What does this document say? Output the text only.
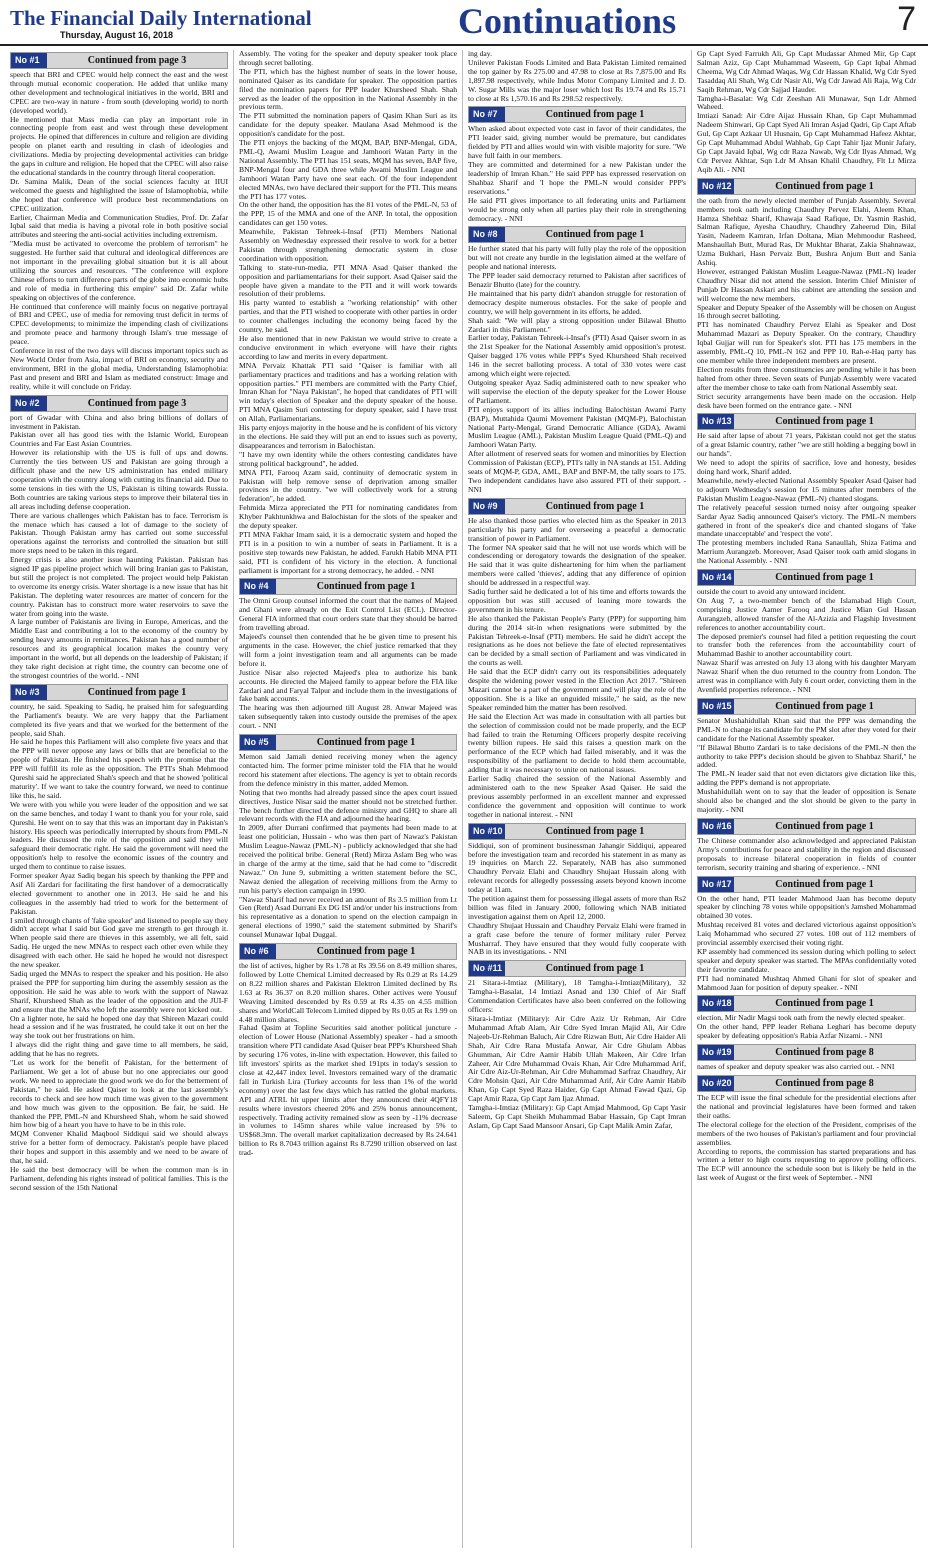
The Financial Daily International
Thursday, August 16, 2018	Continuations	7
No #1	Continued from page 3

speech that BRI and CPEC would help connect the east and the west through mutual economic cooperation. He added that unlike many other development and technological initiatives in the world, BRI and CPEC are two-way in nature - from south (developing world) to north (developed world).
He mentioned that Mass media can play an important role in connecting people from east and west through these development projects. He opined that differences in culture and religion are dividing people on planet earth and resulting in clash of ideologies and civilizations. Media by projecting developmental activities can bridge the gaps in culture and religion. He hoped that the CPEC will also raise the educational standards in the country through literal cooperation.
Dr. Samina Malik, Dean of the social sciences faculty at IIUI welcomed the guests and highlighted the issue of Islamophobia, while she hoped that conference will produce best recommendations on CPEC utilization.
Earlier, Chairman Media and Communication Studies, Prof. Dr. Zafar Iqbal said that media is having a pivotal role in both positive social attributes and steering the anti-social activities including extremism.
"Media must be activated to overcome the problem of terrorism" he suggested. He further said that cultural and ideological differences are not important in the prevailing global situation but it is all about utilizing the sources and resources. "The conference will explore Chinese efforts to turn difference parts of the globe into economic hubs and role of media in furthering this empire" said Dr. Zafar while speaking on objectives of the conference.
He continued that conference will mainly focus on negative portrayal of BRI and CPEC, use of media for removing trust deficit in terms of CPEC developments; to minimize the impending clash of civilizations and promote peace and harmony through Islam's true message of peace.
Conference in rest of the two days will discuss important topics such as New World Order from Asia, impact of BRI on economy, security and environment, BRI in the global media, Understanding Islamophobia: Past and present and BRI and Islam as mediated construct: Image and reality, while it will conclude on Friday.

No #2	Continued from page 3

port of Gwadar with China and also bring billions of dollars of investment in Pakistan.
Pakistan over all has good ties with the Islamic World, European Countries and Far East Asian Countries.
However its relationship with the US is full of ups and downs. Currently the ties between US and Pakistan are going through a difficult phase and the new US administration has ended military cooperation with the country along with cutting its financial aid. Due to some tensions in ties with the US, Pakistan is tilting towards Russia. Both countries are taking various steps to improve their bilateral ties in all areas including defense cooperation.
There are various challenges which Pakistan has to face. Terrorism is the menace which has caused a lot of damage to the society of Pakistan. Though Pakistan army has carried out some successful operations against the terrorists and controlled the situation but still more steps need to be taken in this regard.
Energy crisis is also another issue haunting Pakistan. Pakistan has signed IP gas pipeline project which will bring Iranian gas to Pakistan, but still the project is not completed. The project would help Pakistan to overcome its energy crisis. Water shortage is a new issue that has hit Pakistan. The depleting water resources are matter of concern for the country. Pakistan has to construct more water reservoirs to save the water from going into the waste.
A large number of Pakistanis are living in Europe, Americas, and the Middle East and contributing a lot to the economy of the country by sending heavy amounts in remittances. Pakistan has a good number of resources and its geographical location makes the country very important in the world, but all depends on the leadership of Pakistan; if they take right decision at right time, the country can become one of the strongest countries of the world. - NNI

No #3	Continued from page 1

country, he said. Speaking to Sadiq, he praised him for safeguarding the Parliament's beauty. We are very happy that the Parliament completed its five years and that we worked for the betterment of the people, said Shah.
He said he hopes this Parliament will also complete five years and that the PPP will never oppose any laws or bills that are beneficial to the people of Pakistan. He finished his speech with the promise that the PPP will fulfill its role as the opposition. The PTI's Shah Mehmood Qureshi said he appreciated Shah's speech and that he showed 'political maturity'. If we want to take the country forward, we need to continue like this, he said.
We were with you while you were leader of the opposition and we sat on the same benches, and today I want to thank you for your role, said Qureshi. He went on to say that this was an important day in Pakistan's history. His speech was periodically interrupted by shouts from PML-N leaders. He discussed the role of the opposition and said they will safeguard their democratic right. He said the government will need the opposition's help to resolve the economic issues of the country and urged them to continue to raise issues.
Former speaker Ayaz Sadiq began his speech by thanking the PPP and Asif Ali Zardari for facilitating the first handover of a democratically elected government to another one in 2013. He said he and his colleagues in the assembly had tried to work for the betterment of Pakistan.
I smiled through chants of 'fake speaker' and listened to people say they didn't accept what I said but God gave me strength to get through it. When people said there are thieves in this assembly, we all felt, said Sadiq. He urged the new MNAs to respect each other even while they disagreed with each other. He said he hoped he would not disrespect the new speaker.
Sadiq urged the MNAs to respect the speaker and his position. He also praised the PPP for supporting him during the assembly session as the opposition. He said he was able to work with the support of Nawaz Sharif, Khursheed Shah as the leader of the opposition and the JUI-F and ensure that the MNAs who left the assembly were not kicked out.
On a lighter note, he said he hoped one day that Shireen Mazari could head a session and if he was frustrated, he could take it out on her the way she took out her frustrations on him.
I always did the right thing and gave time to all members, he said, adding that he has no regrets.
"Let us work for the benefit of Pakistan, for the betterment of Parliament. We get a lot of abuse but no one appreciates our good work. We need to appreciate the good work we do for the betterment of Pakistan," he said. He asked Qaiser to look at the last assembly's records to check and see how much time was given to the government and how much was given to the opposition. Be fair, he said. He thanked the PPP, PML-N and Khursheed Shah, whom he said showed him how big of a heart you have to have to be in this role.
MQM Convener Khalid Maqbool Siddiqui said we should always strive for a better form of democracy. Pakistan's people have placed their hopes and support in this assembly and we need to be aware of that, he said.
He said the best democracy will be when the common man is in Parliament, defending his rights instead of political families. This is the second session of the 15th National

Assembly. The voting for the speaker and deputy speaker took place through secret balloting.
The PTI, which has the highest number of seats in the lower house, nominated Qaiser as its candidate for speaker. The opposition parties filed the nomination papers for PPP leader Khursheed Shah. Shah served as the leader of the opposition in the National Assembly in the previous term.
The PTI submitted the nomination papers of Qasim Khan Suri as its candidate for the deputy speaker. Maulana Asad Mehmood is the opposition's candidate for the post.
The PTI enjoys the backing of the MQM, BAP, BNP-Mengal, GDA, PML-Q, Awami Muslim League and Jamhoori Watan Party in the National Assembly. The PTI has 151 seats, MQM has seven, BAP five, BNP-Mengal four and GDA three while Awami Muslim League and Jamhoori Watan Party have one seat each. Of the four independent elected MNAs, two have declared their support for the PTI. This means the PTI has 177 votes.
On the other hand, the opposition has the 81 votes of the PML-N, 53 of the PPP, 15 of the MMA and one of the ANP. In total, the opposition candidates can get 150 votes.
Meanwhile, Pakistan Tehreek-i-Insaf (PTI) Members National Assembly on Wednesday expressed their resolve to work for a better Pakistan through strengthening democratic system in close coordination with opposition.
Talking to state-run-media, PTI MNA Asad Qaiser thanked the opposition and parliamentarians for their support. Asad Qaiser said the people have given a mandate to the PTI and it will work towards resolution of their problems.
His party wanted to establish a "working relationship" with other parties, and that the PTI wished to cooperate with other parties in order to counter challenges including the economy being faced by the country, he said.
He also mentioned that in new Pakistan we would strive to create a conducive environment in which everyone will have their rights according to law and merits in every department.
MNA Pervaiz Khattak PTI said "Qaiser is familiar with all parliamentary practices and traditions and has a working relation with opposition parties." PTI members are committed with the Party Chief, Imran Khan for "Naya Pakistan", he hoped that candidates of PTI will win today's election of Speaker and the deputy speaker of the house. PTI MNA Qasim Suri contesting for deputy speaker, said I have trust on Allah, Parliamentarians.
His party enjoys majority in the house and he is confident of his victory in the elections. He said they will put an end to issues such as poverty, disappearances and terrorism in Balochistan.
"I have my own identity while the others contesting candidates have strong political background", he added.
MNA PTI, Farooq Azam said, continuity of democratic system in Pakistan will help remove sense of deprivation among smaller provinces in the country. "we will collectively work for a strong federation", he added.
Fehmida Mirza appreciated the PTI for nominating candidates from Khyber Pakhtunkhwa and Balochistan for the slots of the speaker and the deputy speaker.
PTI MNA Fakhar Imam said, it is a democratic system and hoped the PTI is in a position to win a number of seats in Parliament. It is a positive step towards new Pakistan, he added. Farukh Habib MNA PTI said, PTI is confident of his victory in the election. A functional parliament is important for a strong democracy, he added. - NNI

No #4	Continued from page 1

The Omni Group counsel informed the court that the names of Majeed and Ghani were already on the Exit Control List (ECL). Director-General FIA informed that court orders state that they should be barred from travelling abroad.
Majeed's counsel then contended that he be given time to present his arguments in the case. However, the chief justice remarked that they will form a joint investigation team and all arguments can be made before it.
Justice Nisar also rejected Majeed's plea to authorize his bank accounts. He directed the Majeed family to appear before the FIA like Zardari and and Faryal Talpur and include them in the investigations of fake bank accounts.
The hearing was then adjourned till August 28. Anwar Majeed was taken subsequently taken into custody outside the premises of the apex court. - NNI

No #5	Continued from page 1

Memon said Jamali denied receiving money when the agency contacted him. The former prime minister told the FIA that he would record his statement after elections. The agency is yet to obtain records from the defence ministry in this matter, added Memon.
Noting that two months had already passed since the apex court issued directives, Justice Nisar said the matter should not be stretched further. The bench further directed the defence ministry and GHQ to share all relevant records with the FIA and adjourned the hearing.
In 2009, after Durrani confirmed that payments had been made to at least one politician, Hussain - who was then part of Nawaz's Pakistan Muslim League-Nawaz (PML-N) - publicly acknowledged that she had received the political bribe. General (Retd) Mirza Aslam Beg who was in charge of the army at the time, said that he had come to "discredit Nawaz." On June 9, submitting a written statement before the SC, Nawaz denied the allegation of receiving millions from the Army to run his party's election campaign in 1990.
"Nawaz Sharif had never received an amount of Rs 3.5 million from Lt Gen (Retd) Asad Durrani Ex DG ISI and/or under his instructions from his representative as a donation to spend on the election campaign in general elections of 1990," said the statement submitted by Sharif's counsel Munawar Iqbal Duggal.

No #6	Continued from page 1

the list of actives, higher by Rs 1.78 at Rs 39.56 on 8.49 million shares, followed by Lotte Chemical Limited decreased by Rs 0.29 at Rs 14.29 on 8.22 million shares and Pakistan Elektron Limited declined by Rs 1.63 at Rs 36.37 on 8.20 million shares. Other actives were Yousuf Weaving Limited descended by Rs 0.59 at Rs 4.35 on 4.55 million shares and WorldCall Telecom Limited dipped by Rs 0.05 at Rs 1.99 on 4.48 million shares.
Fahad Qasim at Topline Securities said another political juncture - election of Lower House (National Assembly) speaker - had a smooth transition where PTI candidate Asad Quiser beat PPP's Khursheed Shah by securing 176 votes, in-line with expectation. However, this failed to lift investors' spirits as the market shed 191pts in today's session to close at 42,447 index level. Investors remained wary of the dramatic fall in Turkish Lira (Turkey accounts for less than 1% of the world economy) over the last few days which has rattled the global markets. API and ATRL hit upper limits after they announced their 4QFY18 results where investors cheered 20% and 25% bonus announcement, respectively. Trading activity remained slow as seen by -11% decrease in volumes to 145mn shares while value increased by 5% to US$68.3mn. The overall market capitalization decreased by Rs 24.641 billion to Rs 8.7043 trillion against Rs 8.7290 trillion observed on last trad-

ing day.
Unilever Pakistan Foods Limited and Bata Pakistan Limited remained the top gainer by Rs 275.00 and 47.98 to close at Rs 7,875.00 and Rs 1,897.98 respectively, while Indus Motor Company Limited and J. D. W. Sugar Mills was the major loser which lost Rs 19.74 and Rs 15.71 to close at Rs 1,570.16 and Rs 298.52 respectively.

No #7	Continued from page 1

When asked about expected vote cast in favor of their candidates, the PTI leader said, giving number would be premature, but candidates fielded by PTI and allies would win with visible majority for sure. "We have full faith in our members.
They are committed and determined for a new Pakistan under the leadership of Imran Khan." He said PPP has expressed reservation on Shahbaz Sharif and 'I hope the PML-N would consider PPP's reservations."
He said PTI gives importance to all federating units and Parliament would be strong only when all parties play their role in strengthening democracy. - NNI

No #8	Continued from page 1

He further stated that his party will fully play the role of the opposition but will not create any hurdle in the legislation aimed at the welfare of people and national interests.
The PPP leader said democracy returned to Pakistan after sacrifices of Benazir Bhutto (late) for the country.
He maintained that his party didn't abandon struggle for restoration of democracy despite numerous obstacles. For the sake of people and country, we will help government in its efforts, he added.
Shah said: "We will play a strong opposition under Bilawal Bhutto Zardari in this Parliament."
Earlier today, Pakistan Tehreek-i-Insaf's (PTI) Asad Qaiser sworn in as the 21st Speaker for the National Assembly amid opposition's protest. Qaiser bagged 176 votes while PPP's Syed Khursheed Shah received 146 in the secret balloting process. A total of 330 votes were cast among which eight were rejected.
Outgoing speaker Ayaz Sadiq administered oath to new speaker who will supervise the election of the deputy speaker for the Lower House of Parliament.
PTI enjoys support of its allies including Balochistan Awami Party (BAP), Muttahida Qaumi Movement Pakistan (MQM-P), Balochistan National Party-Mengal, Grand Democratic Alliance (GDA), Awami Muslim League (AML), Pakistan Muslim League Quaid (PML-Q) and Jamhoori Watan Party.
After allotment of reserved seats for women and minorities by Election Commission of Pakistan (ECP), PTI's tally in NA stands at 151. Adding seats of MQM-P, GDA, AML, BAP and BNP-M, the tally soars to 175. Two independent candidates have also assured PTI of their support. - NNI

No #9	Continued from page 1

He also thanked those parties who elected him as the Speaker in 2013 particularly his party and for overseeing a peaceful a democratic transition of power in Parliament.
The former NA speaker said that he will not use words which will be condescending or derogatory towards the designation of the speaker. He said that it was quite disheartening for him when the parliament members were called 'thieves', adding that any difference of opinion should be addressed in a respectful way.
Sadiq further said he dedicated a lot of his time and efforts towards the opposition but was still accused of leaning more towards the government in his tenure.
He also thanked the Pakistan People's Party (PPP) for supporting him during the 2014 sit-in when resignations were submitted by the Pakistan Tehreek-e-Insaf (PTI) members. He said he didn't accept the resignations as he does not believe the fate of elected representatives can be decided by a small section of Parliament and was vindicated in the courts as well.
He said that the ECP didn't carry out its responsibilities adequately despite the widening power vested in the Election Act 2017. "Shireen Mazari cannot be a part of the government and will play the role of the opposition. She is a like an unguided missile," he said, as the new Speaker reminded him the matter has been resolved.
He said the Election Act was made in consultation with all parties but the selection of commission could not be made properly, and the ECP had failed to train the Returning Officers properly despite receiving twenty billion rupees. He said this raises a question mark on the performance of the ECP which had failed miserably, and it was the responsibility of the parliament to decide to hold them accountable, adding that it was necessary to unite on national issues.
Earlier Sadiq chaired the session of the National Assembly and administered oath to the new Speaker Asad Qaiser. He said the previous assembly performed in an excellent manner and expressed confidence the government and opposition will continue to work together in national interest. - NNI

No #10	Continued from page 1

Siddiqui, son of prominent businessman Jahangir Siddiqui, appeared before the investigation team and recorded his statement in as many as 19 inquiries on March 22. Separately, NAB has also summoned Chaudhry Pervaiz Elahi and Chaudhry Shujaat Hussain along with relevant records for allegedly possessing assets beyond known income today at 11am.
The petition against them for possessing illegal assets of more than Rs2 billion was filed in January 2000, following which NAB initiated investigation against them on April 12, 2000.
Chaudhry Shujaat Hussain and Chaudhry Pervaiz Elahi were framed in a graft case before the tenure of former military ruler Pervez Musharraf. They have ensured that they would fully cooperate with NAB in its investigations. - NNI

No #11	Continued from page 1

21 Sitara-i-Imtiaz (Military), 18 Tamgha-i-Imtiaz(Military), 32 Tamgha-i-Basalat, 14 Imtiazi Asnad and 130 Chief of Air Staff Commendation Certificates have also been conferred on the following officers:
Sitara-i-Imtiaz (Military): Air Cdre Aziz Ur Rehman, Air Cdre Muhammad Aftab Alam, Air Cdre Syed Imran Majid Ali, Air Cdre Najeeb-Ur-Rehman Baluch, Air Cdre Rizwan Butt, Air Cdre Haider Ali Shah, Air Cdre Rana Mustafa Anwar, Air Cdre Ghulam Abbas Ghumman, Air Cdre Aamir Habib Ullah Makeen, Air Cdre Irfan Zaheer, Air Cdre Muhammad Ovais Khan, Air Cdre Muhammad Arif, Air Cdre Aiz-Ur-Rehman, Air Cdre Muhammad Sarfraz Chaudhry, Air Cdre Mohsin Qazi, Air Cdre Muhammad Arif, Air Cdre Aamir Habib Khan, Gp Capt Syed Raza Haider, Gp Capt Ahmad Fawad Qazi, Gp Capt Amir Raza, Gp Capt Jam Ijaz Ahmad.
Tamgha-i-Imtiaz (Military): Gp Capt Amjad Mahmood, Gp Capt Yasir Saleem, Gp Capt Sheikh Muhammad Babar Hassain, Gp Capt Imran Aslam, Gp Capt Saad Mansoor Ansari, Gp Capt Malik Amin Zafar,

Gp Capt Syed Farrukh Ali, Gp Capt Mudassar Ahmed Mir, Gp Capt Salman Aziz, Gp Capt Muhammad Waseem, Gp Capt Iqbal Ahmad Cheema, Wg Cdr Ahmad Waqas, Wg Cdr Hassan Khalid, Wg Cdr Syed Tasaddaq Ali Shah, Wg Cdr Nasir Ali, Wg Cdr Jawad Ali Raja, Wg Cdr Saqib Rehman, Wg Cdr Sajjad Hauder.
Tamgha-i-Basalat: Wg Cdr Zeeshan Ali Munawar, Sqn Ldr Ahmed Waheed.
Imtiazi Sanad: Air Cdre Aijaz Hussain Khan, Gp Capt Muhammad Nadeem Shinwari, Gp Capt Syed Ali Imran Asjad Qadri, Gp Capt Aftab Gul, Gp Capt Azkaar Ul Husnain, Gp Capt Muhammad Hafeez Akhtar, Gp Capt Muhammad Abdul Wahhab, Gp Capt Tahir Ijaz Munir Jafary, Gp Capt Javaid Iqbal, Wg cdr Raza Nawab, Wg Cdr Ilyas Ahmad, Wg Cdr Pervez Akhtar, Sqn Ldr M Ahsan Khalil Chaudhry, Flt Lt Mirza Aqib Ali. - NNI

No #12	Continued from page 1

the oath from the newly elected member of Punjab Assembly. Several members took oath including Chaudhry Pervez Elahi, Aleem Khan, Hamza Shehbaz Sharif, Khawaja Saad Rafique, Dr. Yasmin Rashid, Salman Rafique, Ayesha Chaudhry, Chaudhry Zaheerud Din, Bilal Yasin, Nadeem Kamran, Irfan Doltana, Mian Mehmoodur Rasheed, Manshaullah Butt, Murad Ras, Dr Mukhtar Bharat, Zakia Shahnawaz, Uzma Bukhari, Hasn Pervaiz Butt, Bushra Anjum Butt and Sania Ashiq.
However, estranged Pakistan Muslim League-Nawaz (PML-N) leader Chaudhry Nisar did not attend the session. Interim Chief Minister of Punjab Dr Hassan Askari and his cabinet are attending the session and will welcome the new members.
Speaker and Deputy Speaker of the Assembly will be chosen on August 16 through secret balloting.
PTI has nominated Chaudhry Pervez Elahi as Speaker and Dost Muhammad Mazari as Deputy Speaker. On the contrary, Chaudhry Iqbal Gujjar will run for Speaker's slot. PTI has 175 members in the assembly, PML-Q 10, PML-N 162 and PPP 10. Rah-e-Haq party has one member while three independent members are present.
Election results from three constituencies are pending while it has been halted from other three. Seven seats of Punjab Assembly were vacated after the member chose to take oath from National Assembly seat.
Strict security arrangements have been made on the occasion. Help desk have been formed on the entrance gate. - NNI

No #13	Continued from page 1

He said after lapse of about 71 years, Pakistan could not get the status of a great Islamic country, rather "we are still holding a begging bowl in our hands".
We need to adopt the spirits of sacrifice, love and honesty, besides doing hard work, Sharif added.
Meanwhile, newly-elected National Assembly Speaker Asad Qaiser had to adjourn Wednesday's session for 15 minutes after members of the Pakistan Muslim League-Nawaz (PML-N) chanted slogans.
The relatively peaceful session turned noisy after outgoing speaker Sardar Ayaz Sadiq announced Qaiser's victory. The PML-N members gathered in front of the speaker's dice and chanted slogans of 'fake mandate unacceptable' and 'respect the vote'.
The protesting members included Rana Sanaullah, Shiza Fatima and Marrium Aurangzeb. Moreover, Asad Qaiser took oath amid slogans in the National Assembly. - NNI

No #14	Continued from page 1

outside the court to avoid any untoward incident.
On Aug 7, a two-member bench of the Islamabad High Court, comprising Justice Aamer Farooq and Justice Mian Gul Hassan Aurangzeb, allowed transfer of the Al-Azizia and Flagship Investment references to another accountability court.
The deposed premier's counsel had filed a petition requesting the court to transfer both the references from the accountability court of Muhammad Bashir to another accountability court.
Nawaz Sharif was arrested on July 13 along with his daughter Maryam Nawaz Sharif when the duo returned to the country from London. The arrest was in compliance with July 6 court order, convicting them in the Avenfield properties reference. - NNI

No #15	Continued from page 1

Senator Mushahidullah Khan said that the PPP was demanding the PML-N to change its candidate for the PM slot after they voted for their candidate for the National Assembly speaker.
"If Bilawal Bhutto Zardari is to take decisions of the PML-N then the authority to take PPP's decision should be given to Shahbaz Sharif," he added.
The PML-N leader said that not even dictators give dictation like this, adding the PPP's demand is not appropriate.
Mushahidullah went on to say that the leader of opposition is Senate should also be changed and the slot should be given to the party in majority. - NNI

No #16	Continued from page 1

The Chinese commander also acknowledged and appreciated Pakistan Army's contributions for peace and stability in the region and discussed proposals to increase bilateral cooperation in fields of counter terrorism, security training and sharing of experience. - NNI

No #17	Continued from page 1

On the other hand, PTI leader Mahmood Jaan has become deputy speaker by clinching 78 votes while oppopsition's Jamshed Mohammad obtained 30 votes.
Mushtaq received 81 votes and declared victorious against opposition's Laiq Mohammad who secured 27 votes. 108 out of 112 members of provincial assembly exercised their voting right.
KP assembly had commenced its session during which polling to select speaker and deputy speaker was started. The MPAs confidentially voted their favorite candidate.
PTI had nominated Mushtaq Ahmed Ghani for slot of speaker and Mahmood Jaan for position of deputy speaker. - NNI

No #18	Continued from page 1

election, Mir Nadir Magsi took oath from the newly elected speaker.
On the other hand, PPP leader Rehana Leghari has become deputy speaker by defeating opposition's Rabia Azfar Nizami. - NNI

No #19	Continued from page 8

names of speaker and deputy speaker was also carried out. - NNI

No #20	Continued from page 8

The ECP will issue the final schedule for the presidential elections after the national and provincial legislatures have been formed and taken their oaths.
The electoral college for the election of the President, comprises of the members of the two houses of Pakistan's parliament and four provincial assemblies.
According to reports, the commission has started preparations and has written a letter to high courts requesting to approve polling officers. The ECP will announce the schedule soon but is likely be held in the last week of August or the first week of September. - NNI
